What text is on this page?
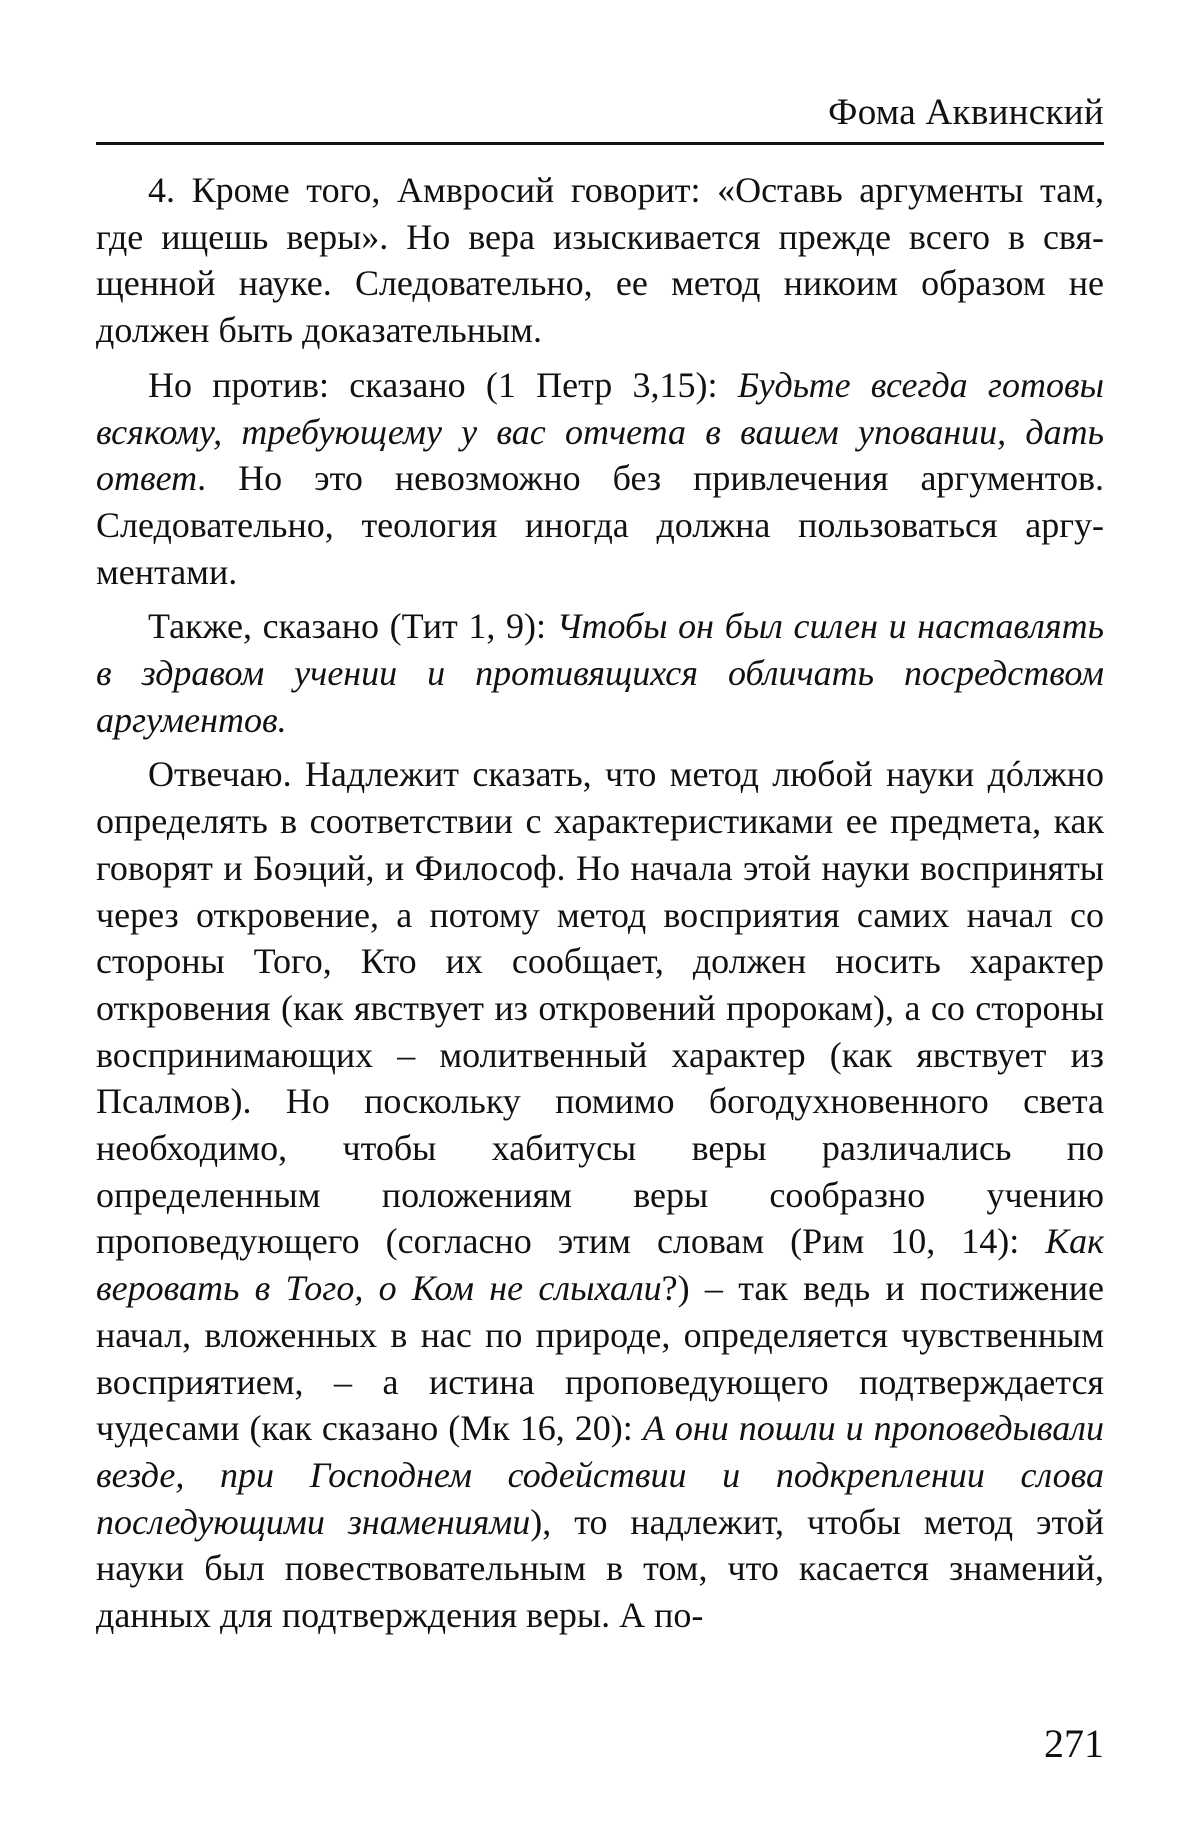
Фома Аквинский

4. Кроме того, Амвросий говорит: «Оставь аргументы там, где ищешь веры». Но вера изыскивается прежде всего в священной науке. Следовательно, ее метод никоим образом не должен быть доказательным.

Но против: сказано (1 Петр 3,15): Будьте всегда готовы всякому, требующему у вас отчета в вашем уповании, дать ответ. Но это невозможно без привлечения аргументов. Следовательно, теология иногда должна пользоваться аргументами.

Также, сказано (Тит 1, 9): Чтобы он был силен и наставлять в здравом учении и противящихся обличать посредством аргументов.

Отвечаю. Надлежит сказать, что метод любой науки дóлжно определять в соответствии с характеристиками ее предмета, как говорят и Боэций, и Философ. Но начала этой науки восприняты через откровение, а потому метод восприятия самих начал со стороны Того, Кто их сообщает, должен носить характер откровения (как явствует из откровений пророкам), а со стороны воспринимающих – молитвенный характер (как явствует из Псалмов). Но поскольку помимо богодухновенного света необходимо, чтобы хабитусы веры различались по определенным положениям веры сообразно учению проповедующего (согласно этим словам (Рим 10, 14): Как веровать в Того, о Ком не слыхали?) – так ведь и постижение начал, вложенных в нас по природе, определяется чувственным восприятием, – а истина проповедующего подтверждается чудесами (как сказано (Мк 16, 20): А они пошли и проповедывали везде, при Господнем содействии и подкреплении слова последующими знамениями), то надлежит, чтобы метод этой науки был повествовательным в том, что касается знамений, данных для подтверждения веры. А по-

271
